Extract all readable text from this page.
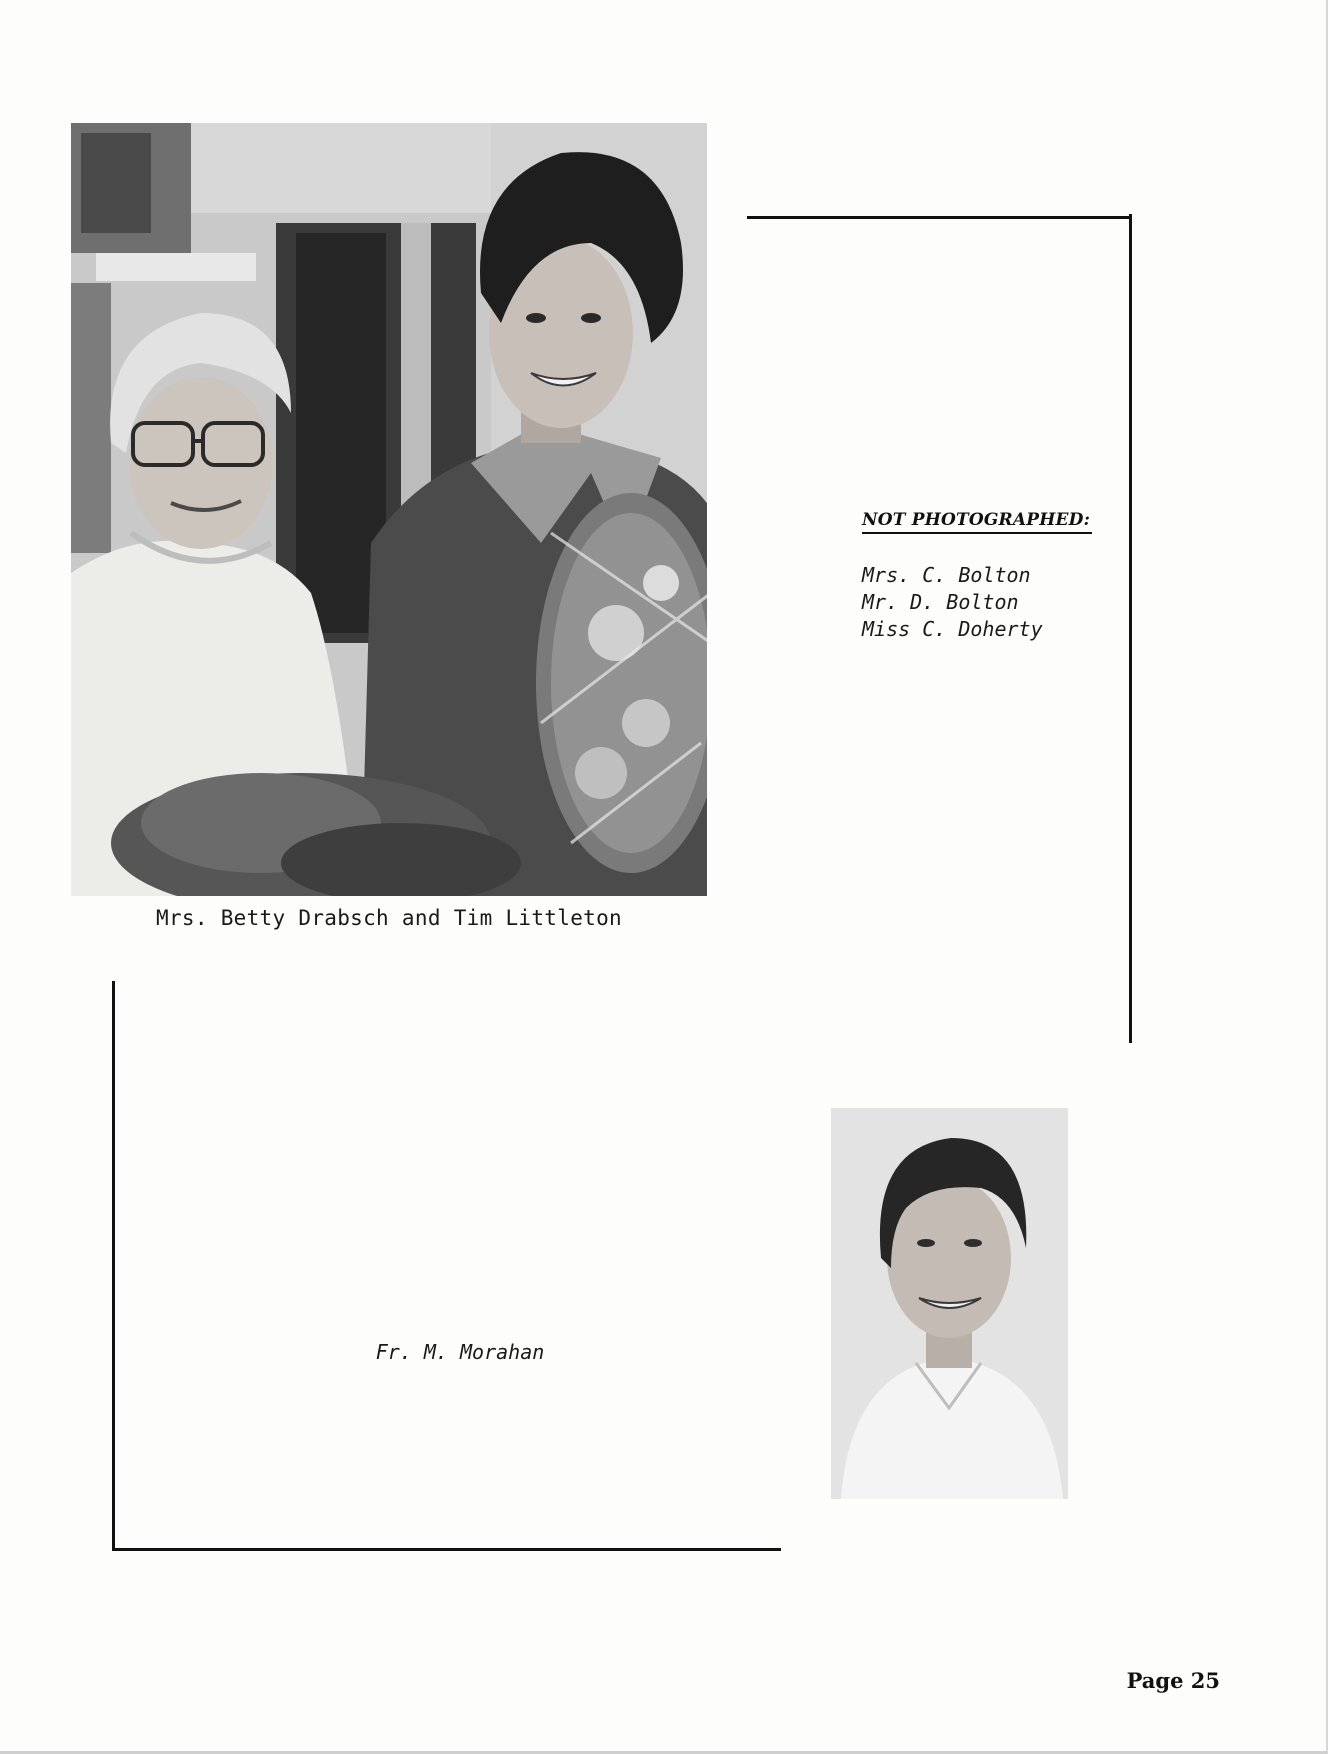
Mrs. Betty Drabsch and Tim Littleton
NOT PHOTOGRAPHED:
Mrs. C. Bolton
Mr. D. Bolton
Miss C. Doherty
Fr. M. Morahan
Page 25
